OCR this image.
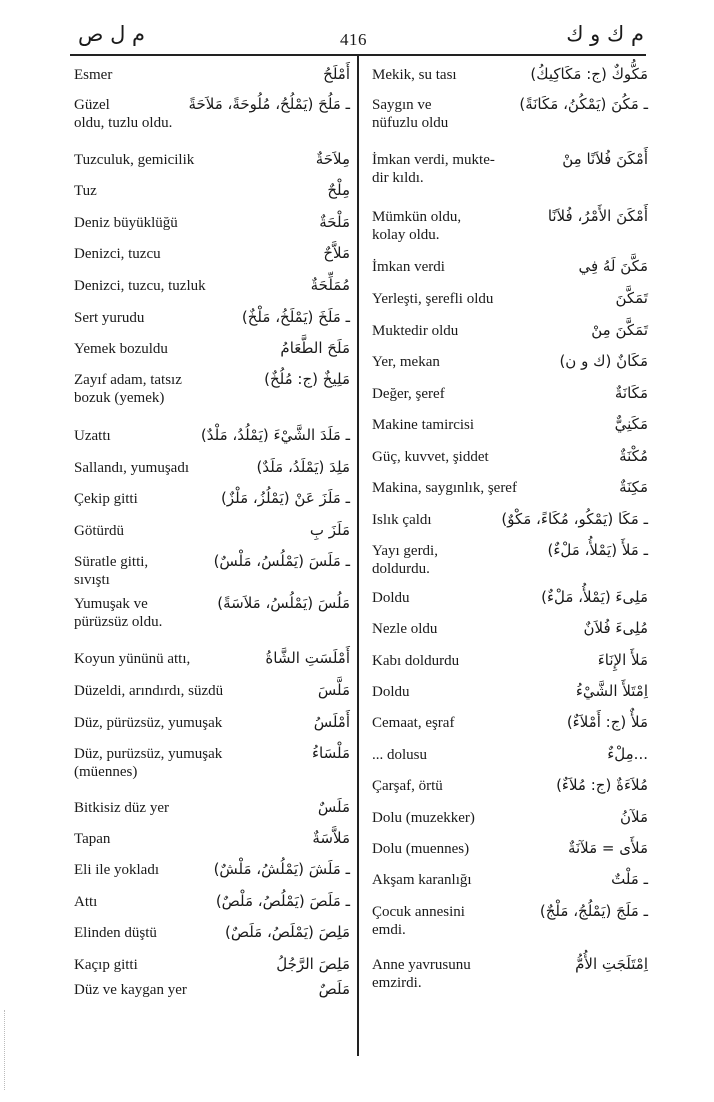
م ل ص	416	م ك و ك
Esmer	أَمْلَحُ
Güzel	ـ مَلُحَ (يَمْلُحُ، مُلُوحَةً، مَلاَحَةً
oldu, tuzlu oldu.
Tuzculuk, gemicilik	مِلاَحَةٌ
Tuz	مِلْحٌ
Deniz büyüklüğü	مَلْحَةٌ
Denizci, tuzcu	مَلاَّحٌ
Denizci, tuzcu, tuzluk	مُمَلِّحَةٌ
Sert yurudu	ـ مَلَخَ (يَمْلَخُ، مَلْخٌ)
Yemek bozuldu	مَلَحَ الطَّعَامُ
Zayıf adam, tatsız	مَلِيخٌ (ج: مُلُخٌ)
bozuk (yemek)
Uzattı	ـ مَلَدَ الشَّيْءَ (يَمْلُدُ، مَلْدٌ)
Sallandı, yumuşadı	مَلِدَ (يَمْلَدُ، مَلَدٌ)
Çekip gitti	ـ مَلَزَ عَنْ (يَمْلُزُ، مَلْزٌ)
Götürdü	مَلَزَ بِ
Süratle gitti,	ـ مَلَسَ (يَمْلُسُ، مَلْسٌ)
sıvıştı
Yumuşak ve	مَلُسَ (يَمْلُسُ، مَلاَسَةً)
pürüzsüz oldu.
Koyun yününü attı,	أَمْلَسَتِ الشَّاةُ
Düzeldi, arındırdı, süzdü	مَلَّسَ
Düz, pürüzsüz, yumuşak	أَمْلَسُ
Düz, purüzsüz, yumuşak	مَلْسَاءُ
(müennes)
Bitkisiz düz yer	مَلَسٌ
Tapan	مَلاَّسَةٌ
Eli ile yokladı	ـ مَلَشَ (يَمْلُشُ، مَلْشٌ)
Attı	ـ مَلَصَ (يَمْلُصُ، مَلْصٌ)
Elinden düştü	مَلِصَ (يَمْلَصُ، مَلَصٌ)
Kaçıp gitti	مَلِصَ الرَّجُلُ
Düz ve kaygan yer	مَلَصٌ
Mekik, su tası	مَكُّوكٌ (ج: مَكَاكِيكُ)
Saygın ve	ـ مَكُنَ (يَمْكُنُ، مَكَانَةً)
nüfuzlu oldu
İmkan verdi, mukte-	أَمْكَنَ فُلاَنًا مِنْ
dir kıldı.
Mümkün oldu,	أَمْكَنَ الأَمْرُ، فُلاَنًا
kolay oldu.
İmkan verdi	مَكَّنَ لَهُ فِي
Yerleşti, şerefli oldu	تَمَكَّنَ
Muktedir oldu	تَمَكَّنَ مِنْ
Yer, mekan	مَكَانٌ (ك و ن)
Değer, şeref	مَكَانَةٌ
Makine tamircisi	مَكَنِيٌّ
Güç, kuvvet, şiddet	مُكْنَةٌ
Makina, saygınlık, şeref	مَكِنَةٌ
Islık çaldı	ـ مَكَا (يَمْكُو، مُكَاءً، مَكْوٌ)
Yayı gerdi,	ـ مَلأَ (يَمْلأُ، مَلْءٌ)
doldurdu.
Doldu	مَلِىءَ (يَمْلأُ، مَلْءٌ)
Nezle oldu	مُلِىءَ فُلاَنٌ
Kabı doldurdu	مَلأَ الإِنَاءَ
Doldu	اِمْتَلأَ الشَّيْءُ
Cemaat, eşraf	مَلأٌ (ج: أَمْلاَءٌ)
... dolusu	...مِلْءٌ
Çarşaf, örtü	مُلاَءَةٌ (ج: مُلاَءٌ)
Dolu (muzekker)	مَلآنُ
Dolu (muennes)	مَلأَى = مَلآنَةٌ
Akşam karanlığı	ـ مَلْتٌ
Çocuk annesini	ـ مَلَجَ (يَمْلُجُ، مَلْجٌ)
emdi.
Anne yavrusunu	اِمْتَلَجَتِ الأُمُّ
emzirdi.
